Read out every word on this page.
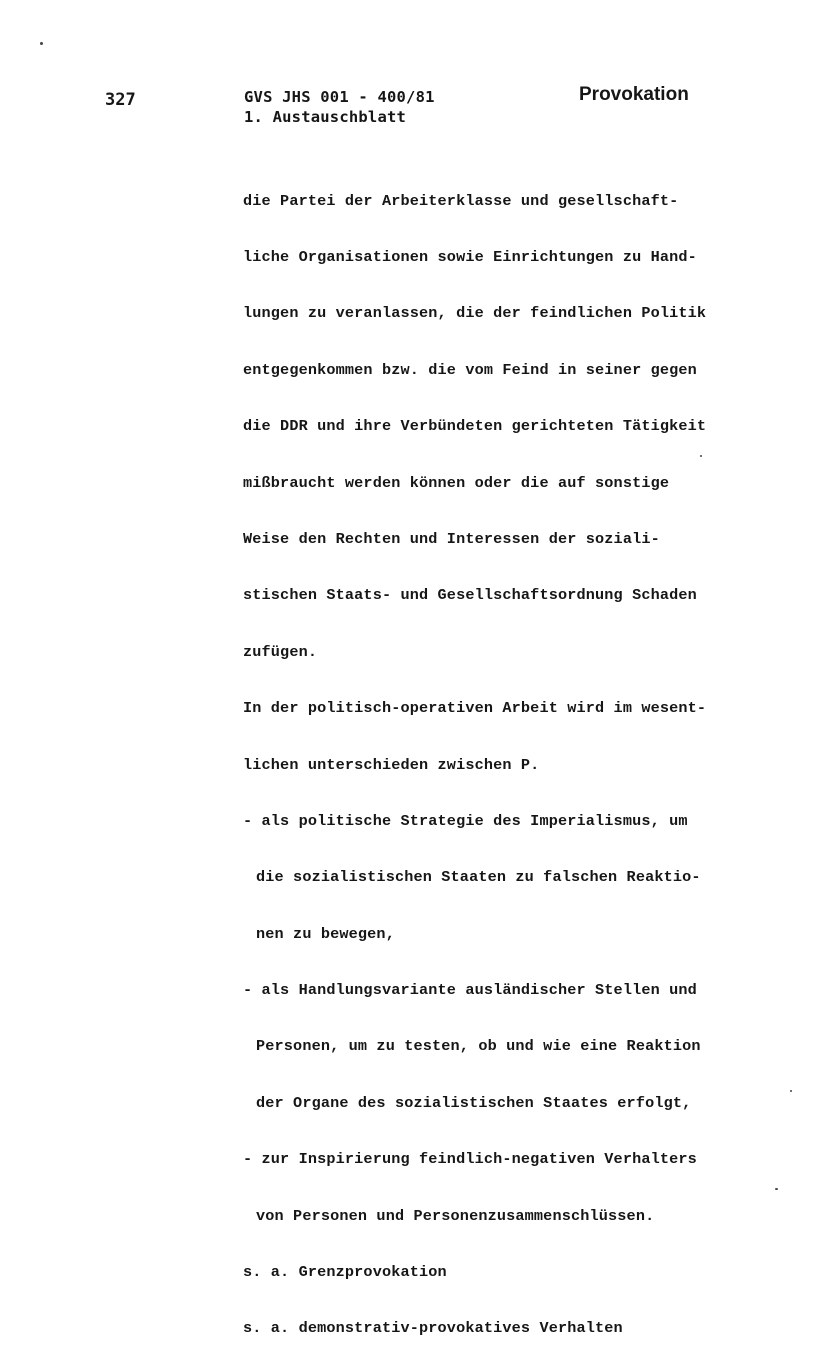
327	GVS JHS 001 - 400/81
1. Austauschblatt
Provokation

die Partei der Arbeiterklasse und gesellschaft-

liche Organisationen sowie Einrichtungen zu Hand-

lungen zu veranlassen, die der feindlichen Politik

entgegenkommen bzw. die vom Feind in seiner gegen

die DDR und ihre Verbündeten gerichteten Tätigkeit

mißbraucht werden können oder die auf sonstige

Weise den Rechten und Interessen der soziali-

stischen Staats- und Gesellschaftsordnung Schaden

zufügen.

In der politisch-operativen Arbeit wird im wesent-

lichen unterschieden zwischen P.

- als politische Strategie des Imperialismus, um

die sozialistischen Staaten zu falschen Reaktio-

nen zu bewegen,

- als Handlungsvariante ausländischer Stellen und

Personen, um zu testen, ob und wie eine Reaktion

der Organe des sozialistischen Staates erfolgt,

- zur Inspirierung feindlich-negativen Verhalters

von Personen und Personenzusammenschlüssen.

s. a. Grenzprovokation

s. a. demonstrativ-provokatives Verhalten
